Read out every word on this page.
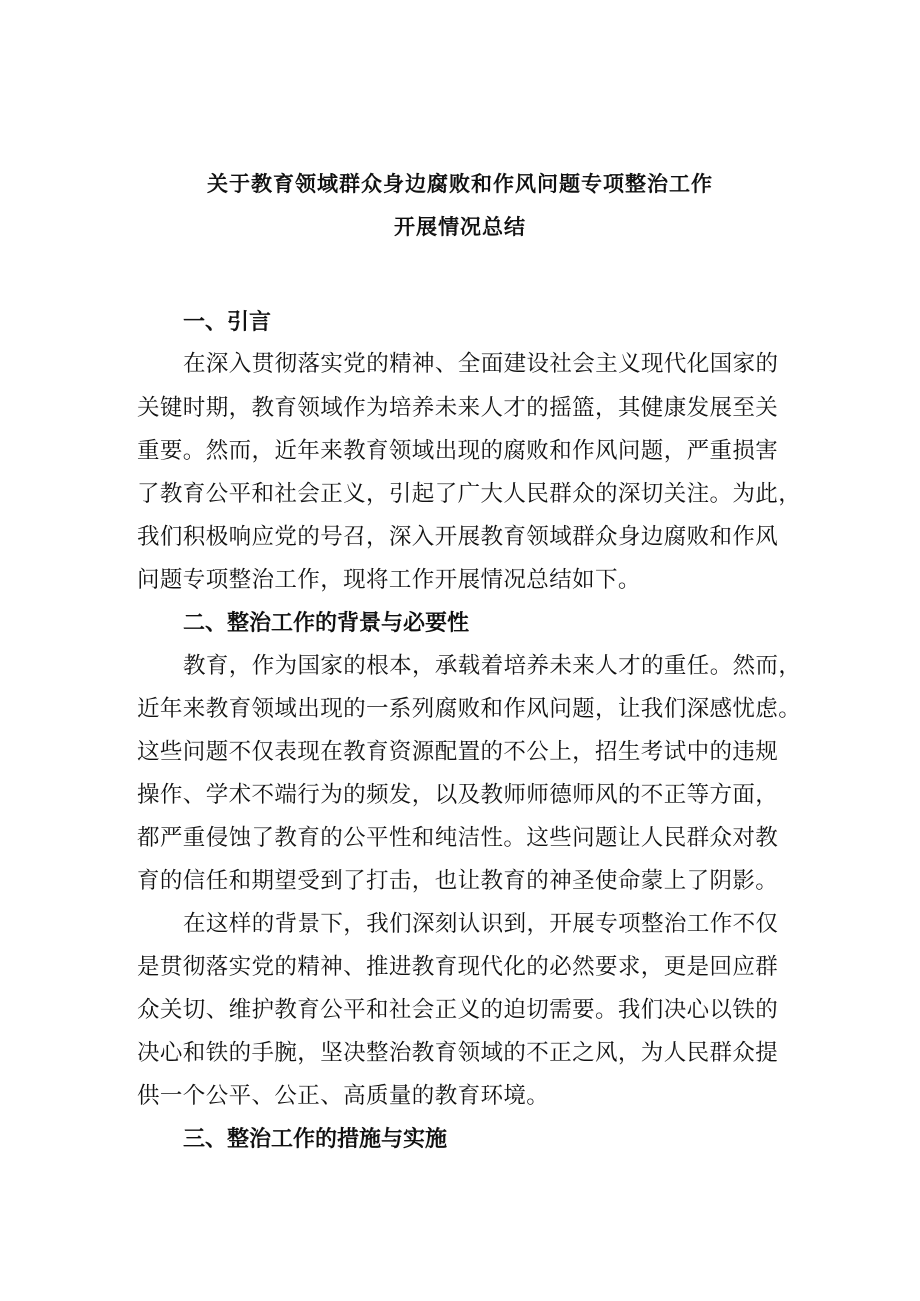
关于教育领域群众身边腐败和作风问题专项整治工作
开展情况总结
一、引言
在深入贯彻落实党的精神、全面建设社会主义现代化国家的
关键时期，教育领域作为培养未来人才的摇篮，其健康发展至关
重要。然而，近年来教育领域出现的腐败和作风问题，严重损害
了教育公平和社会正义，引起了广大人民群众的深切关注。为此，
我们积极响应党的号召，深入开展教育领域群众身边腐败和作风
问题专项整治工作，现将工作开展情况总结如下。
二、整治工作的背景与必要性
教育，作为国家的根本，承载着培养未来人才的重任。然而，
近年来教育领域出现的一系列腐败和作风问题，让我们深感忧虑。
这些问题不仅表现在教育资源配置的不公上，招生考试中的违规
操作、学术不端行为的频发，以及教师师德师风的不正等方面，
都严重侵蚀了教育的公平性和纯洁性。这些问题让人民群众对教
育的信任和期望受到了打击，也让教育的神圣使命蒙上了阴影。
在这样的背景下，我们深刻认识到，开展专项整治工作不仅
是贯彻落实党的精神、推进教育现代化的必然要求，更是回应群
众关切、维护教育公平和社会正义的迫切需要。我们决心以铁的
决心和铁的手腕，坚决整治教育领域的不正之风，为人民群众提
供一个公平、公正、高质量的教育环境。
三、整治工作的措施与实施
